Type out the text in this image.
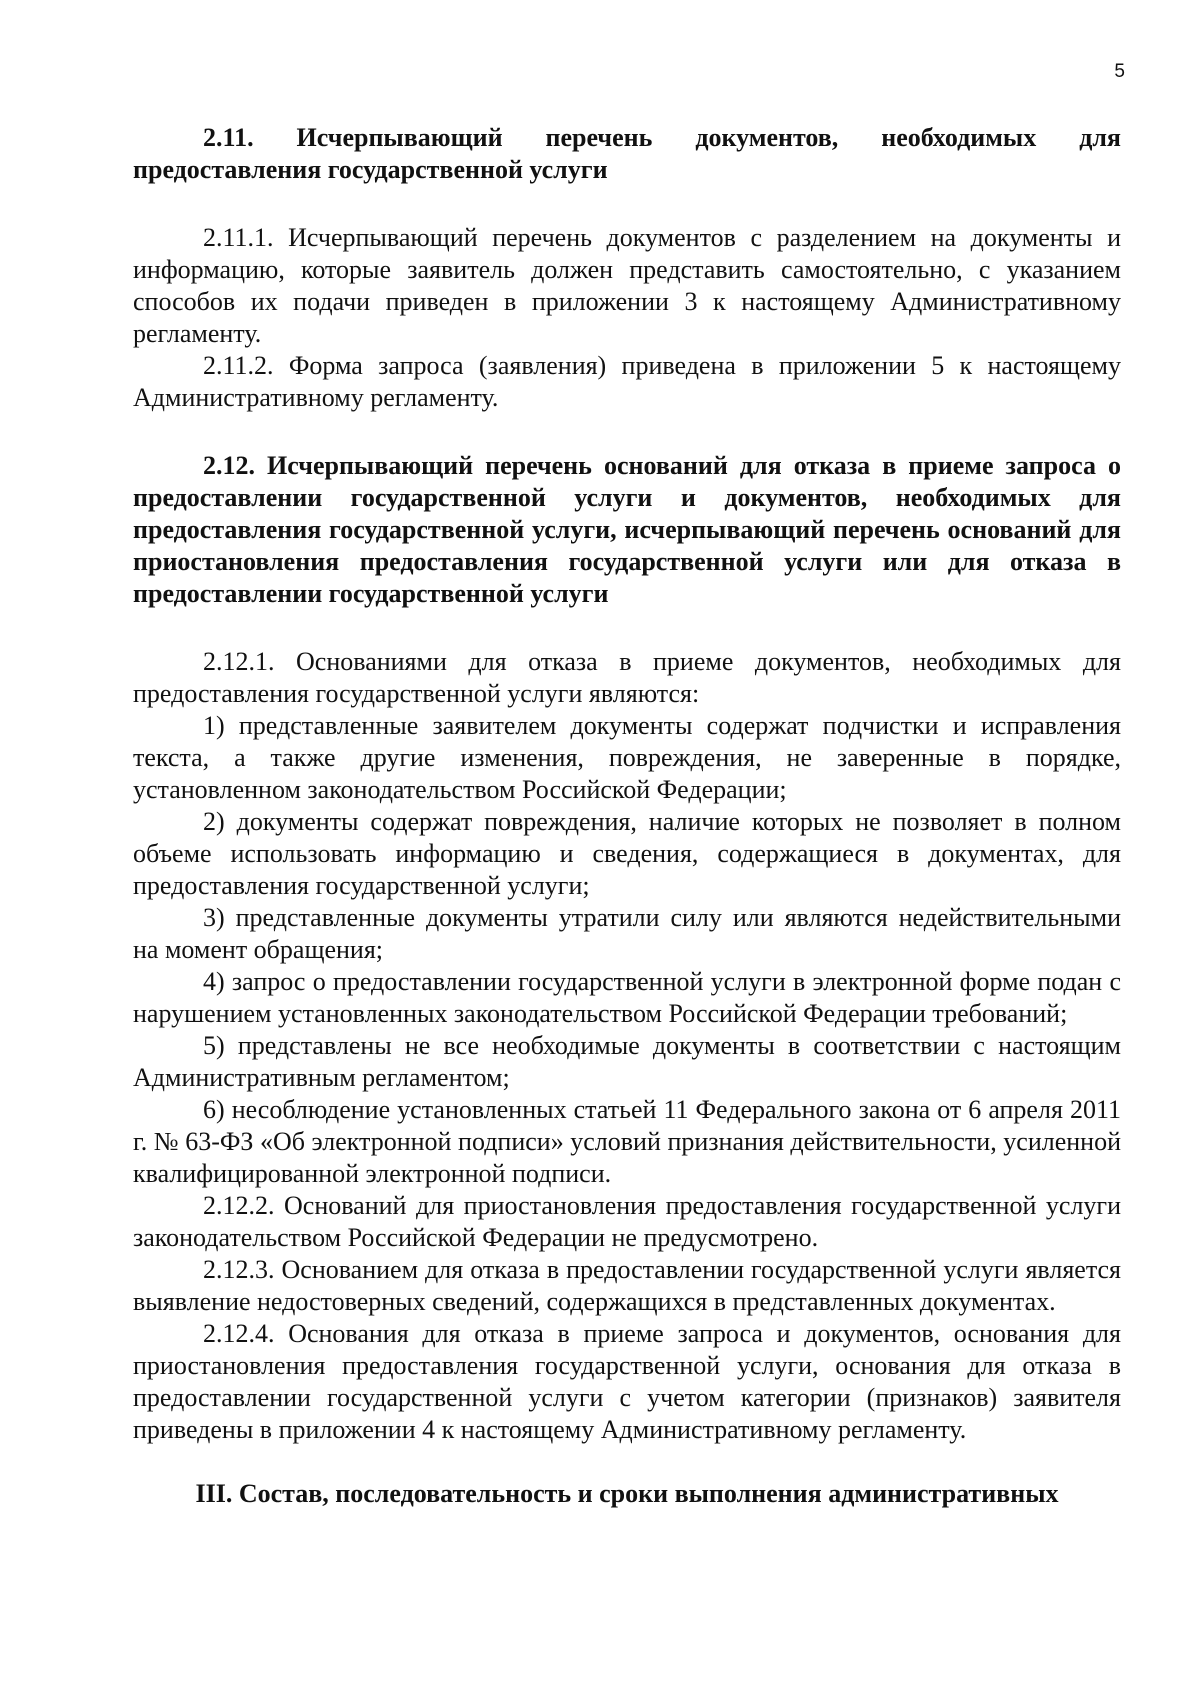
5

2.11. Исчерпывающий перечень документов, необходимых для предоставления государственной услуги

2.11.1. Исчерпывающий перечень документов с разделением на документы и информацию, которые заявитель должен представить самостоятельно, с указанием способов их подачи приведен в приложении 3 к настоящему Административному регламенту.

2.11.2. Форма запроса (заявления) приведена в приложении 5 к настоящему Административному регламенту.

2.12. Исчерпывающий перечень оснований для отказа в приеме запроса о предоставлении государственной услуги и документов, необходимых для предоставления государственной услуги, исчерпывающий перечень оснований для приостановления предоставления государственной услуги или для отказа в предоставлении государственной услуги

2.12.1. Основаниями для отказа в приеме документов, необходимых для предоставления государственной услуги являются:

1) представленные заявителем документы содержат подчистки и исправления текста, а также другие изменения, повреждения, не заверенные в порядке, установленном законодательством Российской Федерации;

2) документы содержат повреждения, наличие которых не позволяет в полном объеме использовать информацию и сведения, содержащиеся в документах, для предоставления государственной услуги;

3) представленные документы утратили силу или являются недействительными на момент обращения;

4) запрос о предоставлении государственной услуги в электронной форме подан с нарушением установленных законодательством Российской Федерации требований;

5) представлены не все необходимые документы в соответствии с настоящим Административным регламентом;

6) несоблюдение установленных статьей 11 Федерального закона от 6 апреля 2011 г. № 63-ФЗ «Об электронной подписи» условий признания действительности, усиленной квалифицированной электронной подписи.

2.12.2. Оснований для приостановления предоставления государственной услуги законодательством Российской Федерации не предусмотрено.

2.12.3. Основанием для отказа в предоставлении государственной услуги является выявление недостоверных сведений, содержащихся в представленных документах.

2.12.4. Основания для отказа в приеме запроса и документов, основания для приостановления предоставления государственной услуги, основания для отказа в предоставлении государственной услуги с учетом категории (признаков) заявителя приведены в приложении 4 к настоящему Административному регламенту.

III. Состав, последовательность и сроки выполнения административных
